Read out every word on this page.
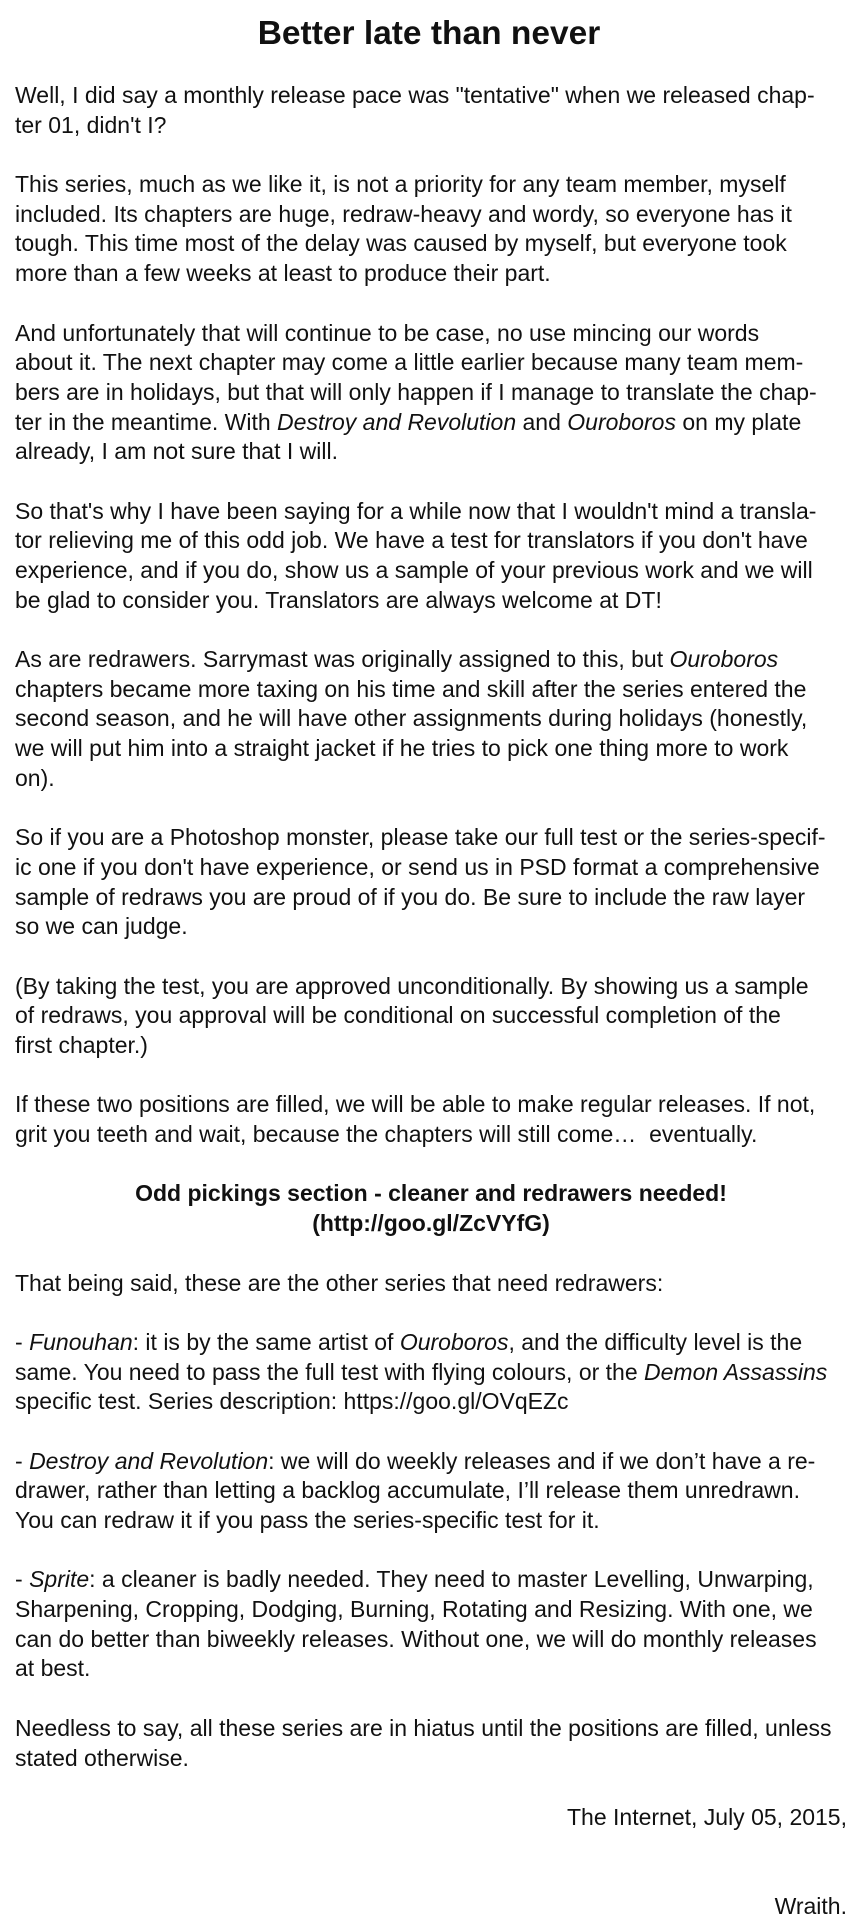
Better late than never
Well, I did say a monthly release pace was "tentative" when we released chap-
ter 01, didn't I?
This series, much as we like it, is not a priority for any team member, myself
included. Its chapters are huge, redraw-heavy and wordy, so everyone has it
tough. This time most of the delay was caused by myself, but everyone took
more than a few weeks at least to produce their part.
And unfortunately that will continue to be case, no use mincing our words
about it. The next chapter may come a little earlier because many team mem-
bers are in holidays, but that will only happen if I manage to translate the chap-
ter in the meantime. With Destroy and Revolution and Ouroboros on my plate
already, I am not sure that I will.
So that's why I have been saying for a while now that I wouldn't mind a transla-
tor relieving me of this odd job. We have a test for translators if you don't have
experience, and if you do, show us a sample of your previous work and we will
be glad to consider you. Translators are always welcome at DT!
As are redrawers. Sarrymast was originally assigned to this, but Ouroboros
chapters became more taxing on his time and skill after the series entered the
second season, and he will have other assignments during holidays (honestly,
we will put him into a straight jacket if he tries to pick one thing more to work
on).
So if you are a Photoshop monster, please take our full test or the series-specif-
ic one if you don't have experience, or send us in PSD format a comprehensive
sample of redraws you are proud of if you do. Be sure to include the raw layer
so we can judge.
(By taking the test, you are approved unconditionally. By showing us a sample
of redraws, you approval will be conditional on successful completion of the
first chapter.)
If these two positions are filled, we will be able to make regular releases. If not,
grit you teeth and wait, because the chapters will still come…  eventually.
Odd pickings section - cleaner and redrawers needed!
(http://goo.gl/ZcVYfG)
That being said, these are the other series that need redrawers:
- Funouhan: it is by the same artist of Ouroboros, and the difficulty level is the
same. You need to pass the full test with flying colours, or the Demon Assassins
specific test. Series description: https://goo.gl/OVqEZc
- Destroy and Revolution: we will do weekly releases and if we don’t have a re-
drawer, rather than letting a backlog accumulate, I’ll release them unredrawn.
You can redraw it if you pass the series-specific test for it.
- Sprite: a cleaner is badly needed. They need to master Levelling, Unwarping,
Sharpening, Cropping, Dodging, Burning, Rotating and Resizing. With one, we
can do better than biweekly releases. Without one, we will do monthly releases
at best.
Needless to say, all these series are in hiatus until the positions are filled, unless
stated otherwise.
The Internet, July 05, 2015,
Wraith.
